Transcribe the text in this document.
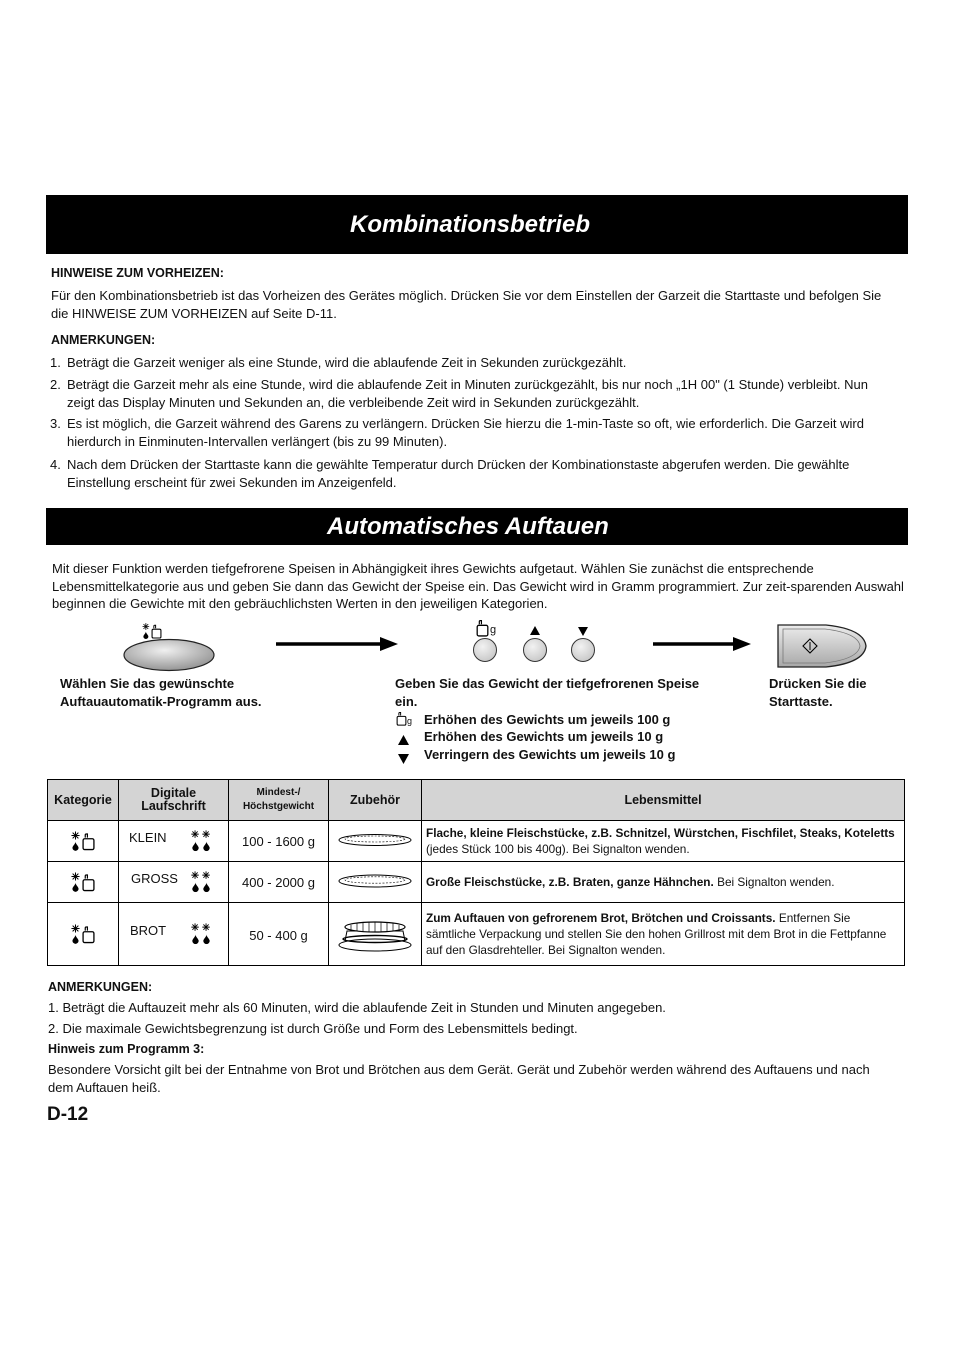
Kombinationsbetrieb
HINWEISE ZUM VORHEIZEN:
Für den Kombinationsbetrieb ist das Vorheizen des Gerätes möglich. Drücken Sie vor dem Einstellen der Garzeit die Starttaste und befolgen Sie die HINWEISE ZUM VORHEIZEN auf Seite D-11.
ANMERKUNGEN:
1. Beträgt die Garzeit weniger als eine Stunde, wird die ablaufende Zeit in Sekunden zurückgezählt.
2. Beträgt die Garzeit mehr als eine Stunde, wird die ablaufende Zeit in Minuten zurückgezählt, bis nur noch „1H 00" (1 Stunde) verbleibt. Nun zeigt das Display Minuten und Sekunden an, die verbleibende Zeit wird in Sekunden zurückgezählt.
3. Es ist möglich, die Garzeit während des Garens zu verlängern. Drücken Sie hierzu die 1-min-Taste so oft, wie erforderlich. Die Garzeit wird hierdurch in Einminuten-Intervallen verlängert (bis zu 99 Minuten).
4. Nach dem Drücken der Starttaste kann die gewählte Temperatur durch Drücken der Kombinationstaste abgerufen werden. Die gewählte Einstellung erscheint für zwei Sekunden im Anzeigenfeld.
Automatisches Auftauen
Mit dieser Funktion werden tiefgefrorene Speisen in Abhängigkeit ihres Gewichts aufgetaut. Wählen Sie zunächst die entsprechende Lebensmittelkategorie aus und geben Sie dann das Gewicht der Speise ein. Das Gewicht wird in Gramm programmiert. Zur zeit-sparenden Auswahl beginnen die Gewichte mit den gebräuchlichsten Werten in den jeweiligen Kategorien.
g
Wählen Sie das gewünschte Auftauautomatik-Programm aus.
Geben Sie das Gewicht der tiefgefrorenen Speise ein.
g Erhöhen des Gewichts um jeweils 100 g
Erhöhen des Gewichts um jeweils 10 g
Verringern des Gewichts um jeweils 10 g
Drücken Sie die Starttaste.
Kategorie	Digitale Laufschrift	Mindest-/ Höchstgewicht	Zubehör	Lebensmittel
	KLEIN	100 - 1600 g		Flache, kleine Fleischstücke, z.B. Schnitzel, Würstchen, Fischfilet, Steaks, Koteletts (jedes Stück 100 bis 400g). Bei Signalton wenden.
	GROSS	400 - 2000 g		Große Fleischstücke, z.B. Braten, ganze Hähnchen. Bei Signalton wenden.
	BROT	50 - 400 g		Zum Auftauen von gefrorenem Brot, Brötchen und Croissants. Entfernen Sie sämtliche Verpackung und stellen Sie den hohen Grillrost mit dem Brot in die Fettpfanne auf den Glasdrehteller. Bei Signalton wenden.
ANMERKUNGEN:
1. Beträgt die Auftauzeit mehr als 60 Minuten, wird die ablaufende Zeit in Stunden und Minuten angegeben.
2. Die maximale Gewichtsbegrenzung ist durch Größe und Form des Lebensmittels bedingt.
Hinweis zum Programm 3:
Besondere Vorsicht gilt bei der Entnahme von Brot und Brötchen aus dem Gerät. Gerät und Zubehör werden während des Auftauens und nach dem Auftauen heiß.
D-12
